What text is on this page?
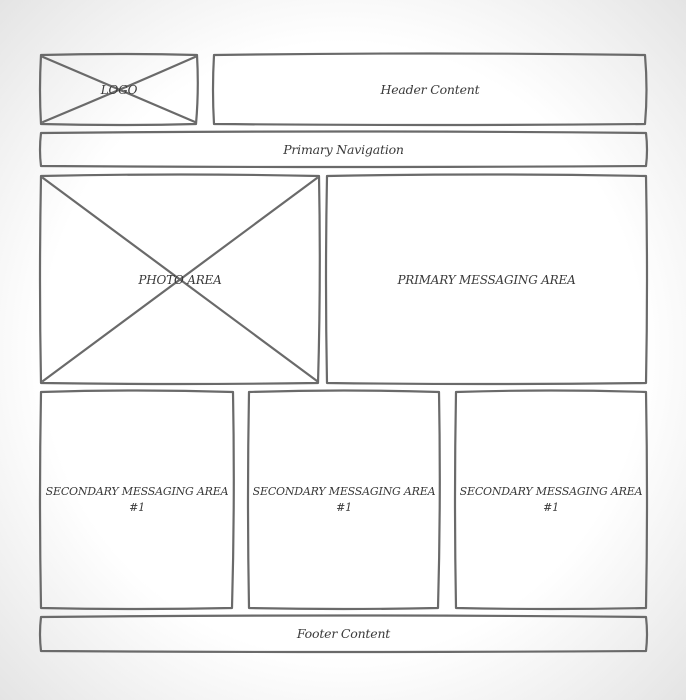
LOGO	Header Content
Primary Navigation
PHOTO AREA	PRIMARY MESSAGING AREA
SECONDARY MESSAGING AREA
#1
SECONDARY MESSAGING AREA
#1
SECONDARY MESSAGING AREA
#1
Footer Content
